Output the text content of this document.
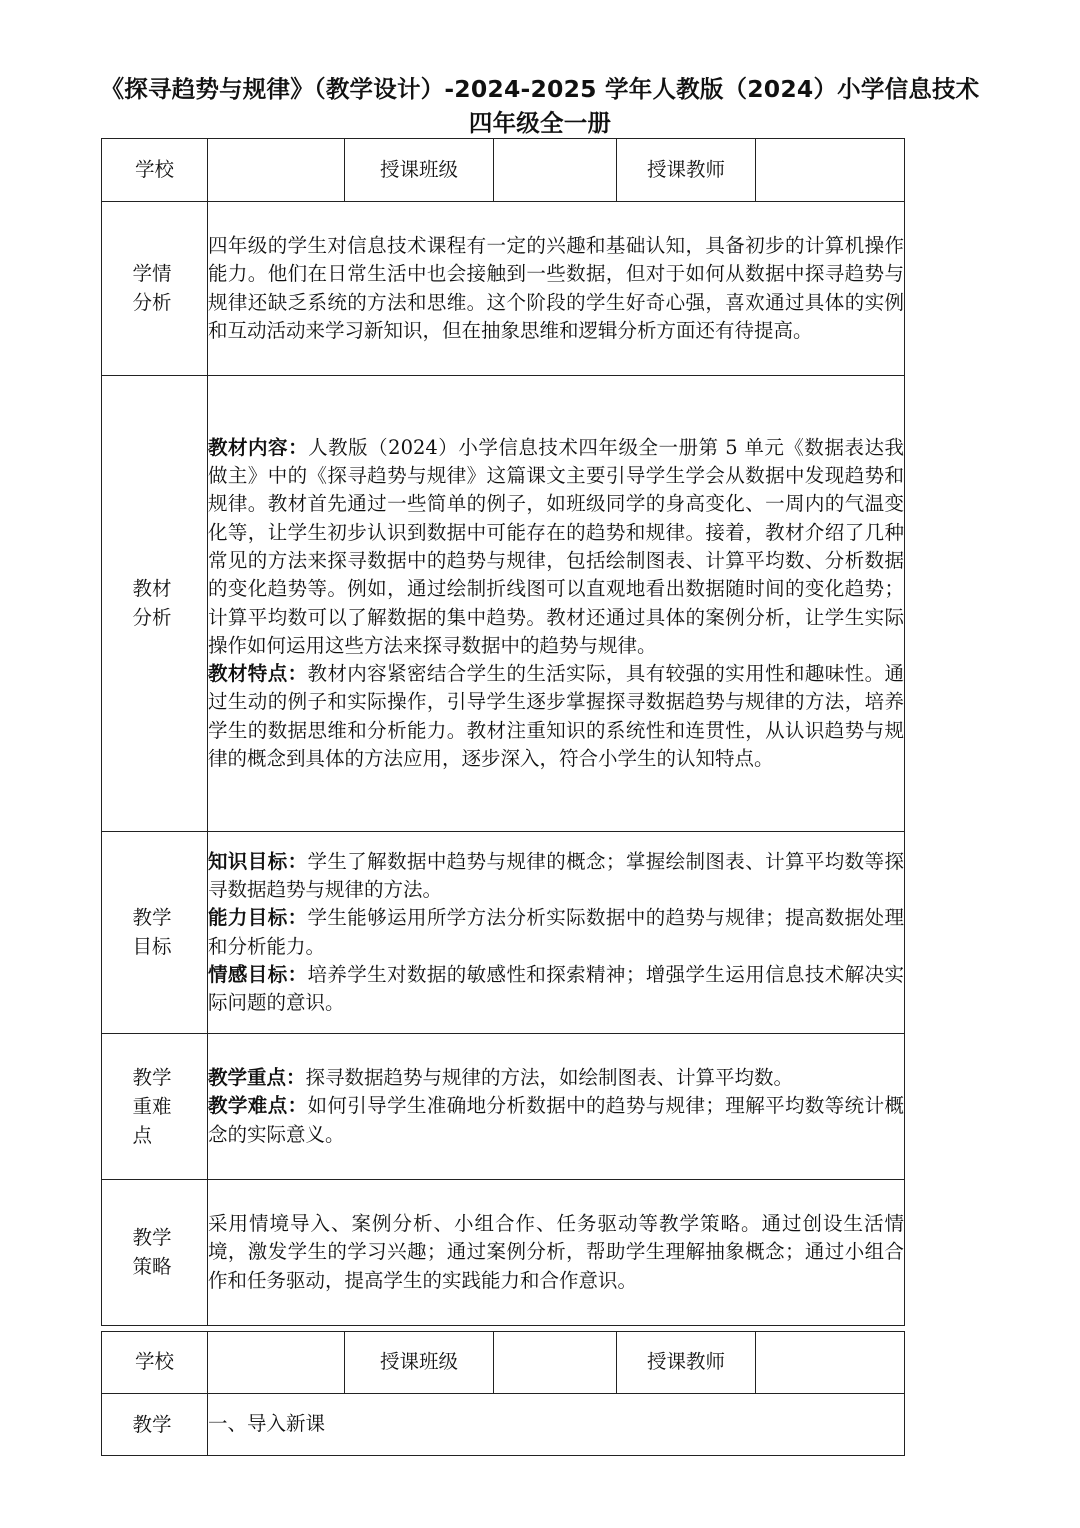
《探寻趋势与规律》（教学设计）-2024-2025 学年人教版（2024）小学信息技术四年级全一册
学校		授课班级		授课教师	
学情分析	四年级的学生对信息技术课程有一定的兴趣和基础认知，具备初步的计算机操作能力。他们在日常生活中也会接触到一些数据，但对于如何从数据中探寻趋势与规律还缺乏系统的方法和思维。这个阶段的学生好奇心强，喜欢通过具体的实例和互动活动来学习新知识，但在抽象思维和逻辑分析方面还有待提高。				

教材分析	教材内容：人教版（2024）小学信息技术四年级全一册第 5 单元《数据表达我做主》中的《探寻趋势与规律》这篇课文主要引导学生学会从数据中发现趋势和规律。教材首先通过一些简单的例子，如班级同学的身高变化、一周内的气温变化等，让学生初步认识到数据中可能存在的趋势和规律。接着，教材介绍了几种常见的方法来探寻数据中的趋势与规律，包括绘制图表、计算平均数、分析数据的变化趋势等。例如，通过绘制折线图可以直观地看出数据随时间的变化趋势；计算平均数可以了解数据的集中趋势。教材还通过具体的案例分析，让学生实际操作如何运用这些方法来探寻数据中的趋势与规律。

教材特点：教材内容紧密结合学生的生活实际，具有较强的实用性和趣味性。通过生动的例子和实际操作，引导学生逐步掌握探寻数据趋势与规律的方法，培养学生的数据思维和分析能力。教材注重知识的系统性和连贯性，从认识趋势与规律的概念到具体的方法应用，逐步深入，符合小学生的认知特点。				

教学目标	知识目标：学生了解数据中趋势与规律的概念；掌握绘制图表、计算平均数等探寻数据趋势与规律的方法。

能力目标：学生能够运用所学方法分析实际数据中的趋势与规律；提高数据处理和分析能力。

情感目标：培养学生对数据的敏感性和探索精神；增强学生运用信息技术解决实际问题的意识。				

教学重难点	教学重点：探寻数据趋势与规律的方法，如绘制图表、计算平均数。

教学难点：如何引导学生准确地分析数据中的趋势与规律；理解平均数等统计概念的实际意义。				

教学策略	采用情境导入、案例分析、小组合作、任务驱动等教学策略。通过创设生活情境，激发学生的学习兴趣；通过案例分析，帮助学生理解抽象概念；通过小组合作和任务驱动，提高学生的实践能力和合作意识。				

学校		授课班级		授课教师	
教学	一、导入新课				
